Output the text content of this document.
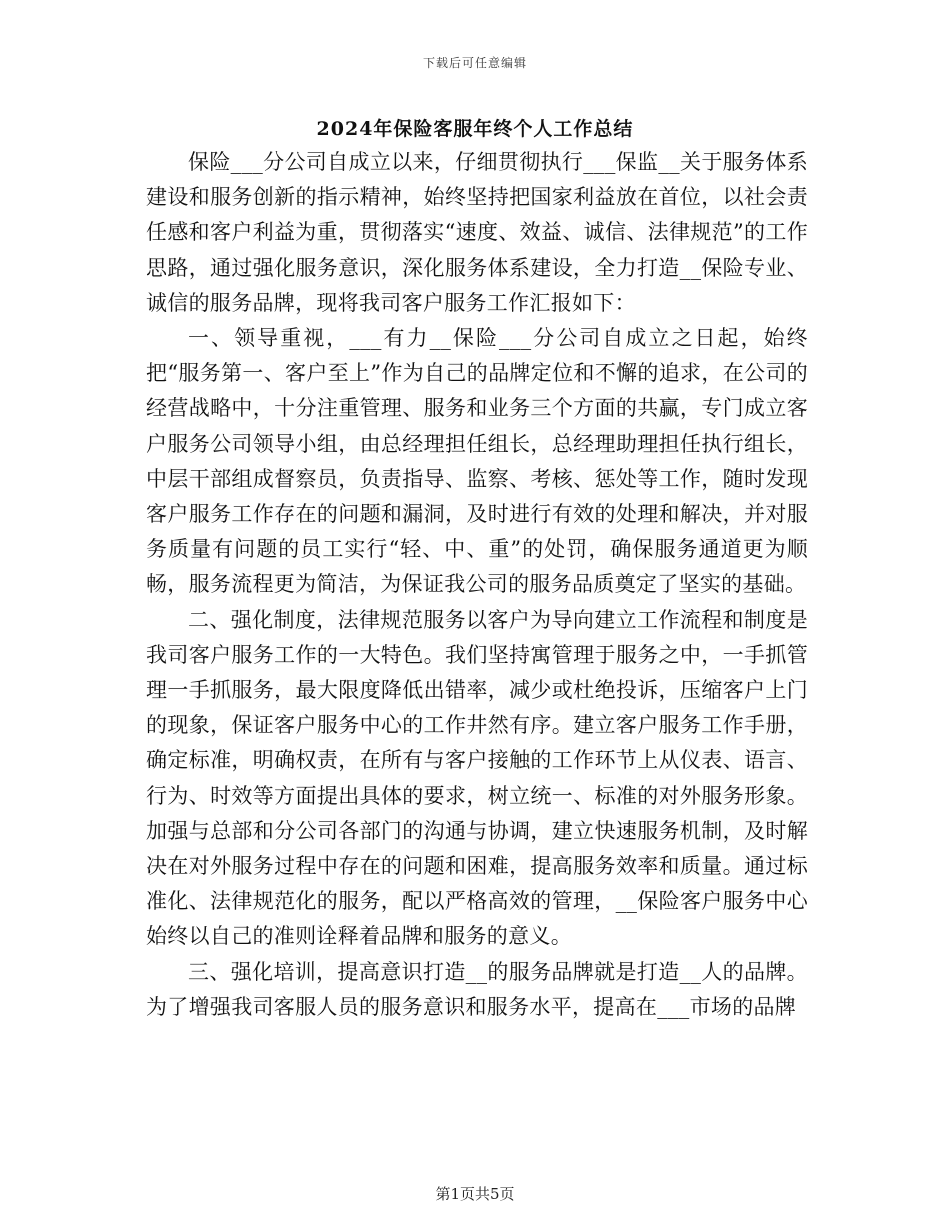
下载后可任意编辑
2024年保险客服年终个人工作总结

保险___分公司自成立以来，仔细贯彻执行___保监__关于服务体系建设和服务创新的指示精神，始终坚持把国家利益放在首位，以社会责任感和客户利益为重，贯彻落实“速度、效益、诚信、法律规范”的工作思路，通过强化服务意识，深化服务体系建设，全力打造__保险专业、诚信的服务品牌，现将我司客户服务工作汇报如下：

一、领导重视，___有力__保险___分公司自成立之日起，始终把“服务第一、客户至上”作为自己的品牌定位和不懈的追求，在公司的经营战略中，十分注重管理、服务和业务三个方面的共赢，专门成立客户服务公司领导小组，由总经理担任组长，总经理助理担任执行组长，中层干部组成督察员，负责指导、监察、考核、惩处等工作，随时发现客户服务工作存在的问题和漏洞，及时进行有效的处理和解决，并对服务质量有问题的员工实行“轻、中、重”的处罚，确保服务通道更为顺畅，服务流程更为简洁，为保证我公司的服务品质奠定了坚实的基础。

二、强化制度，法律规范服务以客户为导向建立工作流程和制度是我司客户服务工作的一大特色。我们坚持寓管理于服务之中，一手抓管理一手抓服务，最大限度降低出错率，减少或杜绝投诉，压缩客户上门的现象，保证客户服务中心的工作井然有序。建立客户服务工作手册，确定标准，明确权责，在所有与客户接触的工作环节上从仪表、语言、行为、时效等方面提出具体的要求，树立统一、标准的对外服务形象。加强与总部和分公司各部门的沟通与协调，建立快速服务机制，及时解决在对外服务过程中存在的问题和困难，提高服务效率和质量。通过标准化、法律规范化的服务，配以严格高效的管理，__保险客户服务中心始终以自己的准则诠释着品牌和服务的意义。

三、强化培训，提高意识打造__的服务品牌就是打造__人的品牌。为了增强我司客服人员的服务意识和服务水平，提高在___市场的品牌

第1页共5页
